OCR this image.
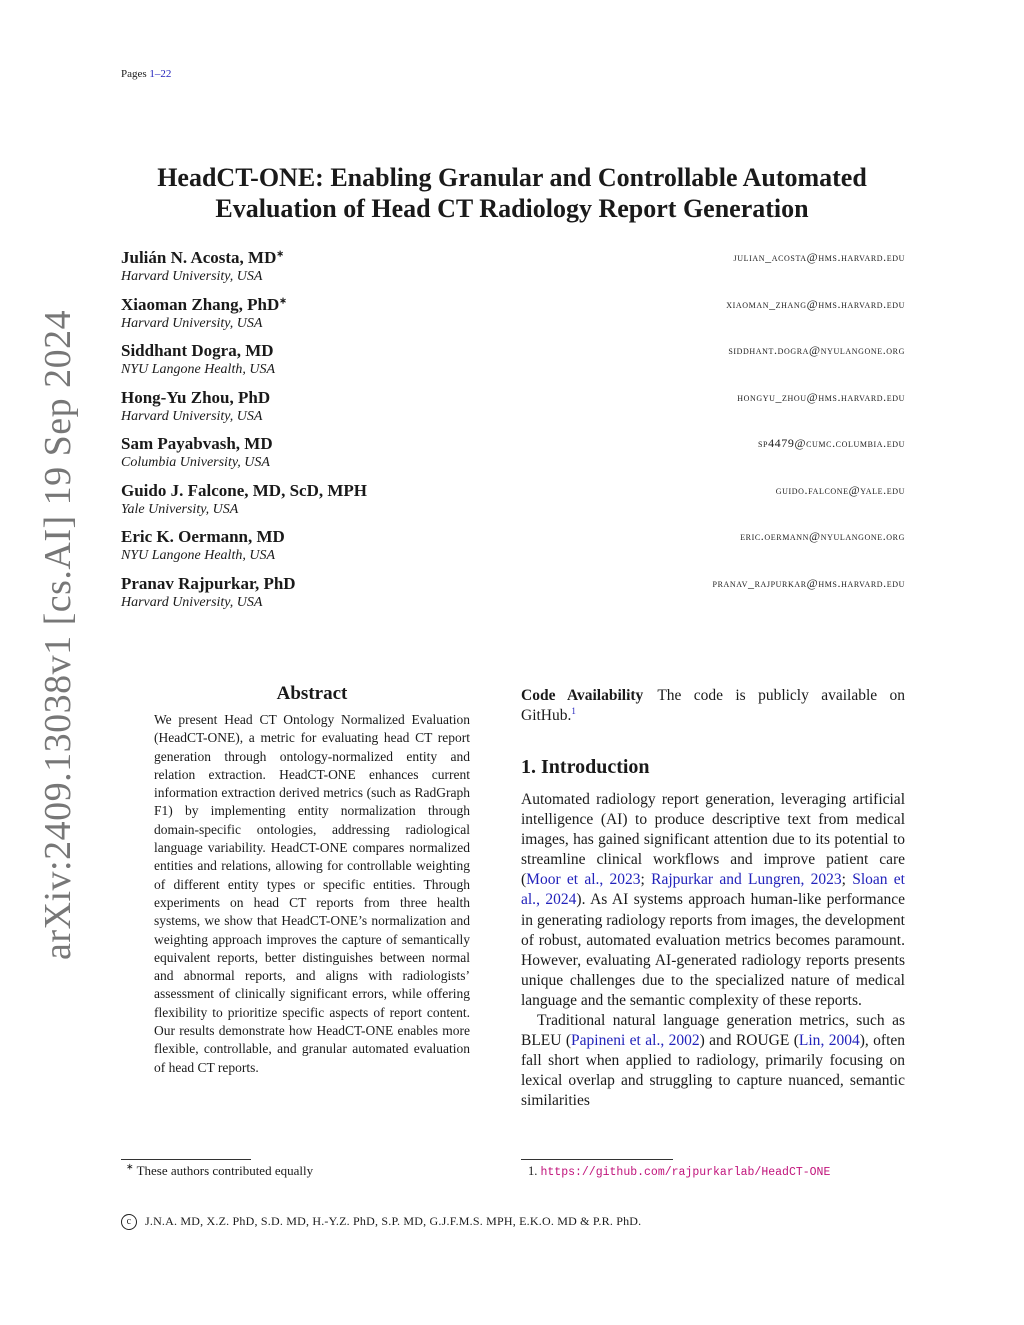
Pages 1–22
arXiv:2409.13038v1 [cs.AI] 19 Sep 2024
HeadCT-ONE: Enabling Granular and Controllable Automated
Evaluation of Head CT Radiology Report Generation
Julián N. Acosta, MD∗
Harvard University, USA
julian_acosta@hms.harvard.edu
Xiaoman Zhang, PhD∗
Harvard University, USA
xiaoman_zhang@hms.harvard.edu
Siddhant Dogra, MD
NYU Langone Health, USA
siddhant.dogra@nyulangone.org
Hong-Yu Zhou, PhD
Harvard University, USA
hongyu_zhou@hms.harvard.edu
Sam Payabvash, MD
Columbia University, USA
sp4479@cumc.columbia.edu
Guido J. Falcone, MD, ScD, MPH
Yale University, USA
guido.falcone@yale.edu
Eric K. Oermann, MD
NYU Langone Health, USA
eric.oermann@nyulangone.org
Pranav Rajpurkar, PhD
Harvard University, USA
pranav_rajpurkar@hms.harvard.edu
Abstract
We present Head CT Ontology Normalized Evaluation (HeadCT-ONE), a metric for evaluating head CT report generation through ontology-normalized entity and relation extraction. HeadCT-ONE enhances current information extraction derived metrics (such as RadGraph F1) by implementing entity normalization through domain-specific ontologies, addressing radiological language variability. HeadCT-ONE compares normalized entities and relations, allowing for controllable weighting of different entity types or specific entities. Through experiments on head CT reports from three health systems, we show that HeadCT-ONE’s normalization and weighting approach improves the capture of semantically equivalent reports, better distinguishes between normal and abnormal reports, and aligns with radiologists’ assessment of clinically significant errors, while offering flexibility to prioritize specific aspects of report content. Our results demonstrate how HeadCT-ONE enables more flexible, controllable, and granular automated evaluation of head CT reports.
∗ These authors contributed equally
Code Availability The code is publicly available on GitHub.$^1$
1. Introduction

Automated radiology report generation, leveraging artificial intelligence (AI) to produce descriptive text from medical images, has gained significant attention due to its potential to streamline clinical workflows and improve patient care (Moor et al., 2023; Rajpurkar and Lungren, 2023; Sloan et al., 2024). As AI systems approach human-like performance in generating radiology reports from images, the development of robust, automated evaluation metrics becomes paramount. However, evaluating AI-generated radiology reports presents unique challenges due to the specialized nature of medical language and the semantic complexity of these reports.

Traditional natural language generation metrics, such as BLEU (Papineni et al., 2002) and ROUGE (Lin, 2004), often fall short when applied to radiology, primarily focusing on lexical overlap and struggling to capture nuanced, semantic similarities

1. https://github.com/rajpurkarlab/HeadCT-ONE
c J.N.A. MD, X.Z. PhD, S.D. MD, H.-Y.Z. PhD, S.P. MD, G.J.F.M.S. MPH, E.K.O. MD & P.R. PhD.
